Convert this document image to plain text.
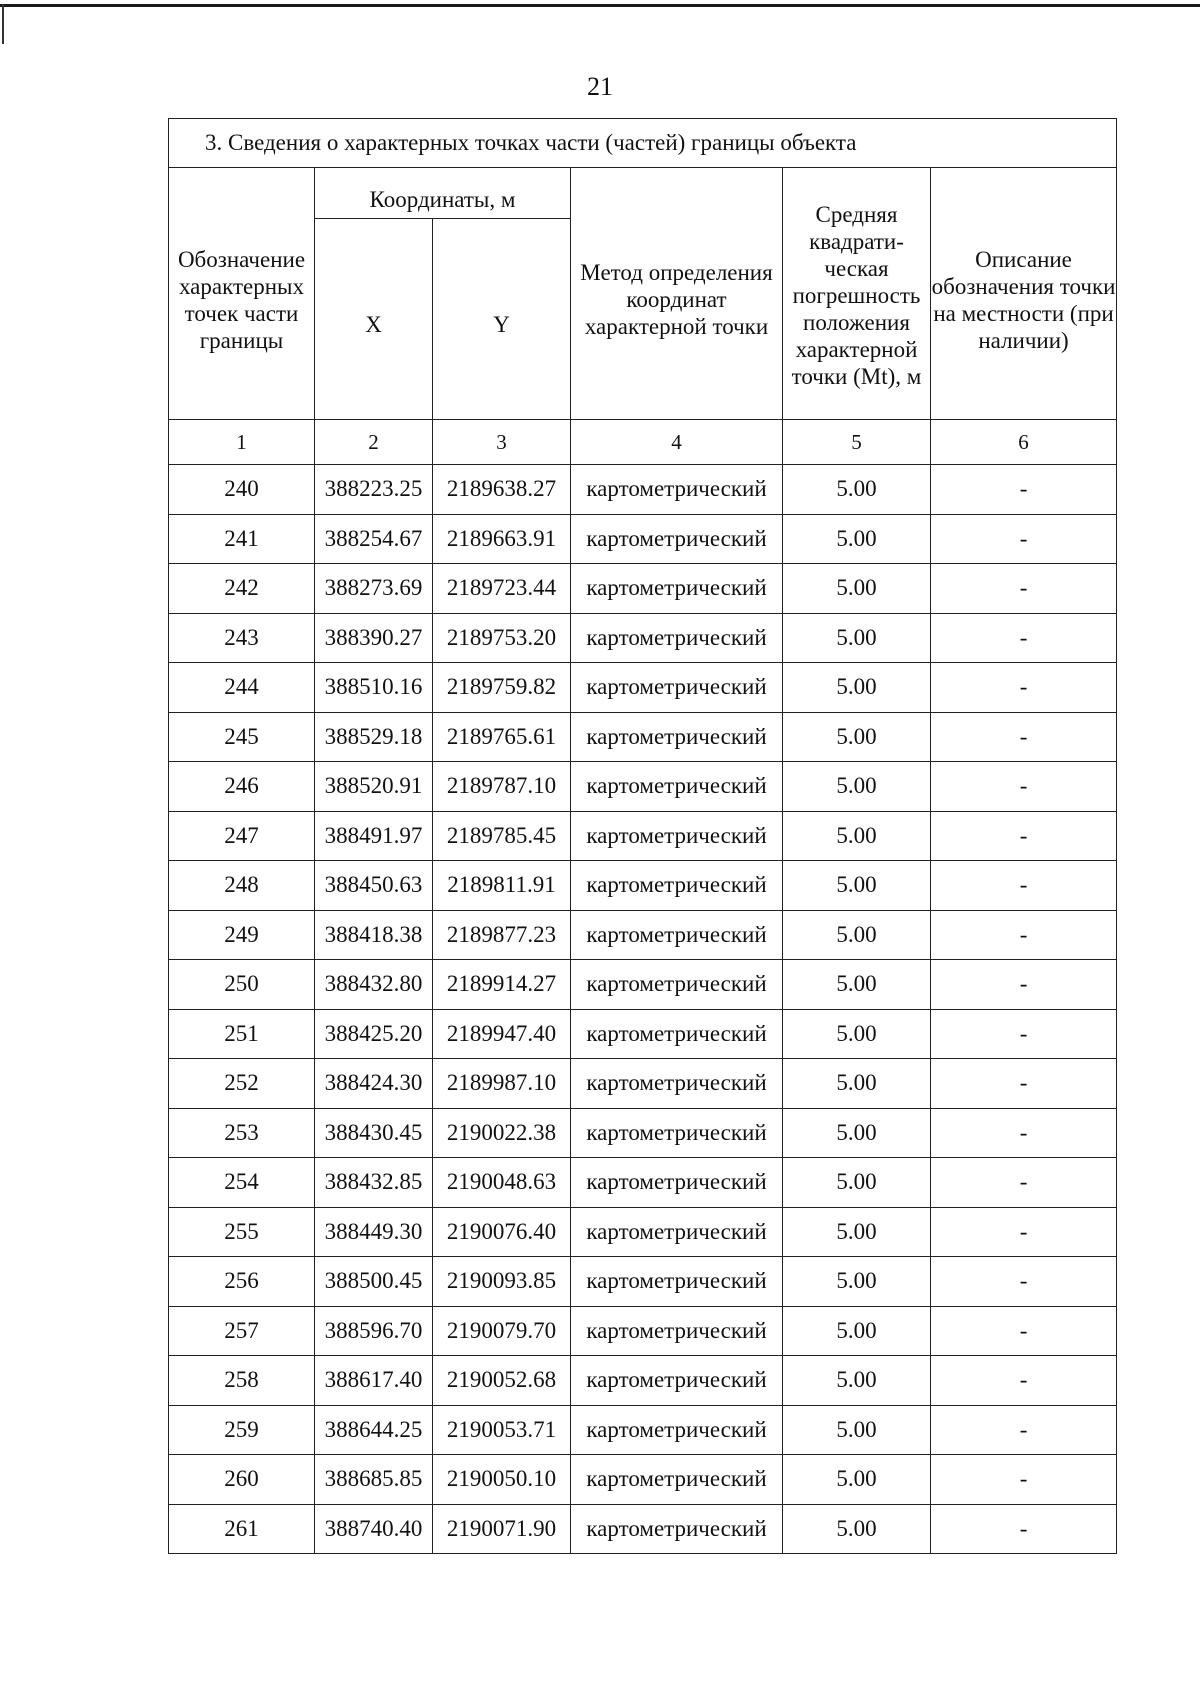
21
3. Сведения о характерных точках части (частей) границы объекта					
Обозначение характерных точек части границы	Координаты, м		Метод определения координат характерной точки	Средняя квадрати-ческая погрешность положения характерной точки (Mt), м	Описание обозначения точки на местности (при наличии)
	X	Y			
1	2	3	4	5	6
240	388223.25	2189638.27	картометрический	5.00	-
241	388254.67	2189663.91	картометрический	5.00	-
242	388273.69	2189723.44	картометрический	5.00	-
243	388390.27	2189753.20	картометрический	5.00	-
244	388510.16	2189759.82	картометрический	5.00	-
245	388529.18	2189765.61	картометрический	5.00	-
246	388520.91	2189787.10	картометрический	5.00	-
247	388491.97	2189785.45	картометрический	5.00	-
248	388450.63	2189811.91	картометрический	5.00	-
249	388418.38	2189877.23	картометрический	5.00	-
250	388432.80	2189914.27	картометрический	5.00	-
251	388425.20	2189947.40	картометрический	5.00	-
252	388424.30	2189987.10	картометрический	5.00	-
253	388430.45	2190022.38	картометрический	5.00	-
254	388432.85	2190048.63	картометрический	5.00	-
255	388449.30	2190076.40	картометрический	5.00	-
256	388500.45	2190093.85	картометрический	5.00	-
257	388596.70	2190079.70	картометрический	5.00	-
258	388617.40	2190052.68	картометрический	5.00	-
259	388644.25	2190053.71	картометрический	5.00	-
260	388685.85	2190050.10	картометрический	5.00	-
261	388740.40	2190071.90	картометрический	5.00	-
